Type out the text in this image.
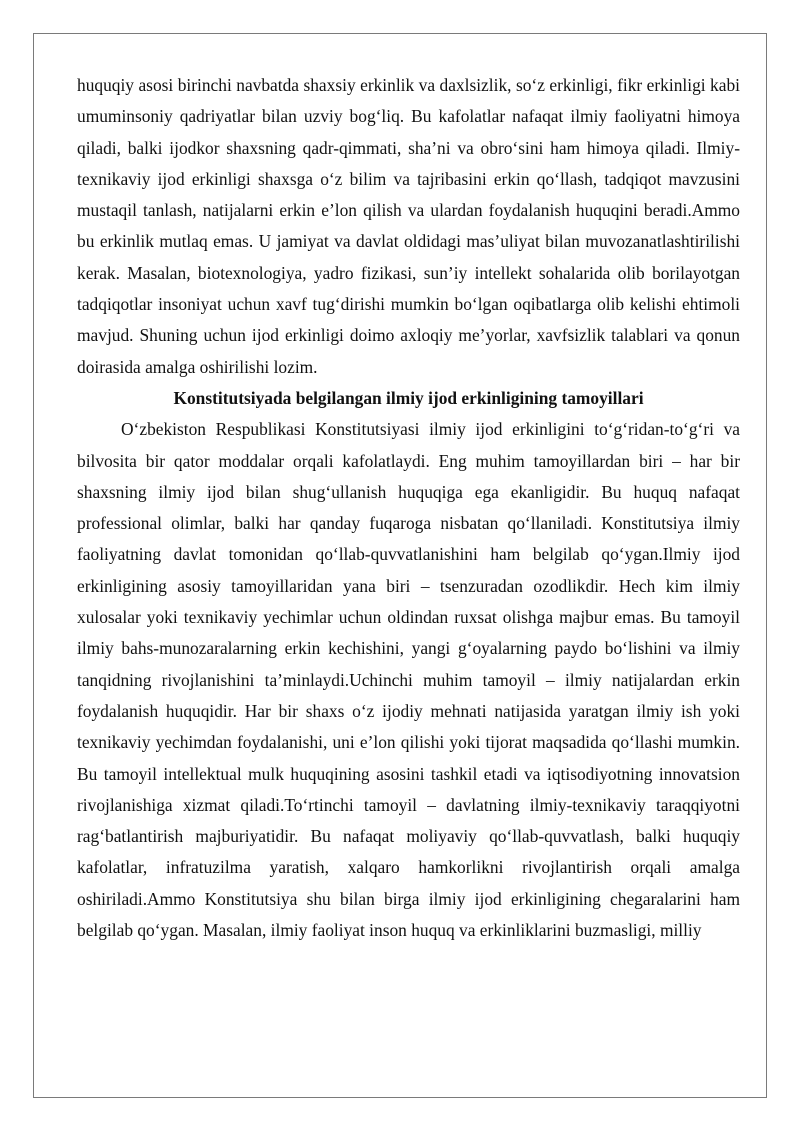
huquqiy asosi birinchi navbatda shaxsiy erkinlik va daxlsizlik, so‘z erkinligi, fikr erkinligi kabi umuminsoniy qadriyatlar bilan uzviy bog‘liq. Bu kafolatlar nafaqat ilmiy faoliyatni himoya qiladi, balki ijodkor shaxsning qadr-qimmati, sha’ni va obro‘sini ham himoya qiladi. Ilmiy-texnikaviy ijod erkinligi shaxsga o‘z bilim va tajribasini erkin qo‘llash, tadqiqot mavzusini mustaqil tanlash, natijalarni erkin e’lon qilish va ulardan foydalanish huquqini beradi.Ammo bu erkinlik mutlaq emas. U jamiyat va davlat oldidagi mas’uliyat bilan muvozanatlashtirilishi kerak. Masalan, biotexnologiya, yadro fizikasi, sun’iy intellekt sohalarida olib borilayotgan tadqiqotlar insoniyat uchun xavf tug‘dirishi mumkin bo‘lgan oqibatlarga olib kelishi ehtimoli mavjud. Shuning uchun ijod erkinligi doimo axloqiy me’yorlar, xavfsizlik talablari va qonun doirasida amalga oshirilishi lozim.

Konstitutsiyada belgilangan ilmiy ijod erkinligining tamoyillari

O‘zbekiston Respublikasi Konstitutsiyasi ilmiy ijod erkinligini to‘g‘ridan-to‘g‘ri va bilvosita bir qator moddalar orqali kafolatlaydi. Eng muhim tamoyillardan biri – har bir shaxsning ilmiy ijod bilan shug‘ullanish huquqiga ega ekanligidir. Bu huquq nafaqat professional olimlar, balki har qanday fuqaroga nisbatan qo‘llaniladi. Konstitutsiya ilmiy faoliyatning davlat tomonidan qo‘llab-quvvatlanishini ham belgilab qo‘ygan.Ilmiy ijod erkinligining asosiy tamoyillaridan yana biri – tsenzuradan ozodlikdir. Hech kim ilmiy xulosalar yoki texnikaviy yechimlar uchun oldindan ruxsat olishga majbur emas. Bu tamoyil ilmiy bahs-munozaralarning erkin kechishini, yangi g‘oyalarning paydo bo‘lishini va ilmiy tanqidning rivojlanishini ta’minlaydi.Uchinchi muhim tamoyil – ilmiy natijalardan erkin foydalanish huquqidir. Har bir shaxs o‘z ijodiy mehnati natijasida yaratgan ilmiy ish yoki texnikaviy yechimdan foydalanishi, uni e’lon qilishi yoki tijorat maqsadida qo‘llashi mumkin. Bu tamoyil intellektual mulk huquqining asosini tashkil etadi va iqtisodiyotning innovatsion rivojlanishiga xizmat qiladi.To‘rtinchi tamoyil – davlatning ilmiy-texnikaviy taraqqiyotni rag‘batlantirish majburiyatidir. Bu nafaqat moliyaviy qo‘llab-quvvatlash, balki huquqiy kafolatlar, infratuzilma yaratish, xalqaro hamkorlikni rivojlantirish orqali amalga oshiriladi.Ammo Konstitutsiya shu bilan birga ilmiy ijod erkinligining chegaralarini ham belgilab qo‘ygan. Masalan, ilmiy faoliyat inson huquq va erkinliklarini buzmasligi, milliy
